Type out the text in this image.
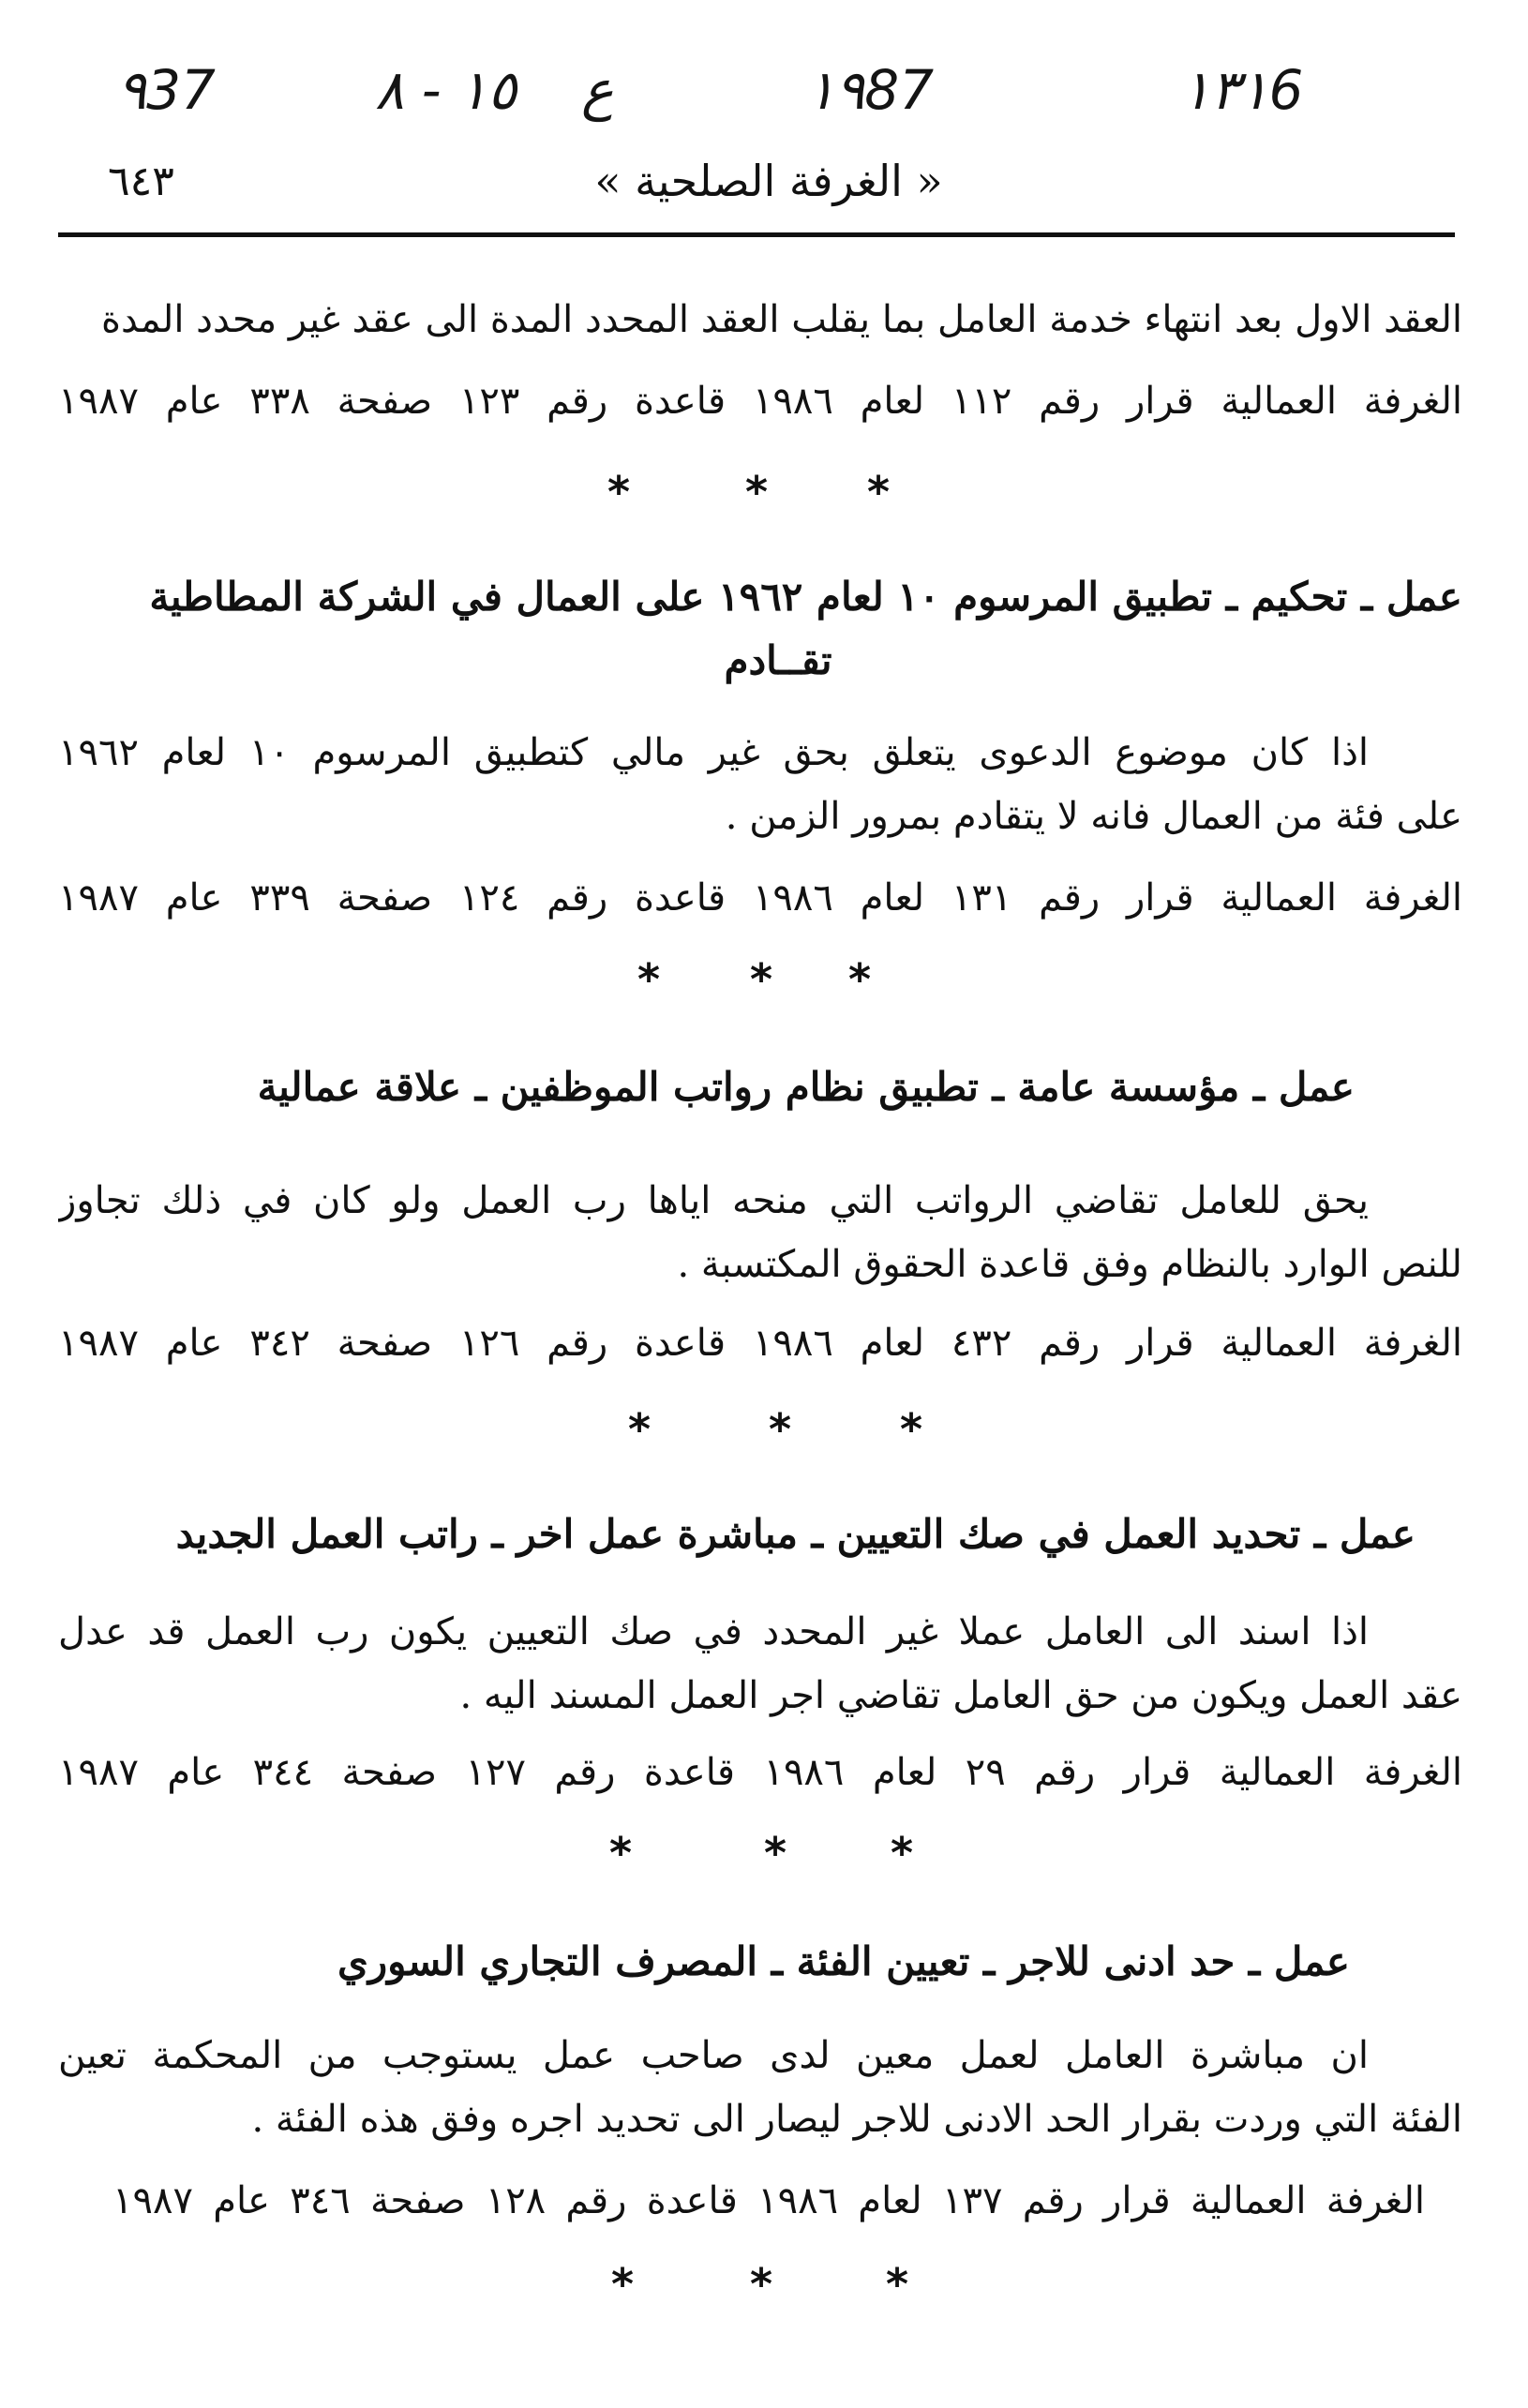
٩37	١٥ - ٨ ع	١٩87	١٣١6
٦٤٣	« الغرفة الصلحية »
العقد الاول بعد انتهاء خدمة العامل بما يقلب العقد المحدد المدة الى عقد غير محدد المدة
الغرفة العمالية قرار رقم ١١٢ لعام ١٩٨٦ قاعدة رقم ١٢٣ صفحة ٣٣٨ عام ١٩٨٧
*	* *
عمل ـ تحكيم ـ تطبيق المرسوم ١٠ لعام ١٩٦٢ على العمال في الشركة المطاطية
تقــادم
اذا كان موضوع الدعوى يتعلق بحق غير مالي كتطبيق المرسوم ١٠ لعام ١٩٦٢
على فئة من العمال فانه لا يتقادم بمرور الزمن .
الغرفة العمالية قرار رقم ١٣١ لعام ١٩٨٦ قاعدة رقم ١٢٤ صفحة ٣٣٩ عام ١٩٨٧
* * *
عمل ـ مؤسسة عامة ـ تطبيق نظام رواتب الموظفين ـ علاقة عمالية
يحق للعامل تقاضي الرواتب التي منحه اياها رب العمل ولو كان في ذلك تجاوز
للنص الوارد بالنظام وفق قاعدة الحقوق المكتسبة .
الغرفة العمالية قرار رقم ٤٣٢ لعام ١٩٨٦ قاعدة رقم ١٢٦ صفحة ٣٤٢ عام ١٩٨٧
*	*	*
عمل ـ تحديد العمل في صك التعيين ـ مباشرة عمل اخر ـ راتب العمل الجديد
اذا اسند الى العامل عملا غير المحدد في صك التعيين يكون رب العمل قد عدل
عقد العمل ويكون من حق العامل تقاضي اجر العمل المسند اليه .
الغرفة العمالية قرار رقم ٢٩ لعام ١٩٨٦ قاعدة رقم ١٢٧ صفحة ٣٤٤ عام ١٩٨٧
*	* *
عمل ـ حد ادنى للاجر ـ تعيين الفئة ـ المصرف التجاري السوري
ان مباشرة العامل لعمل معين لدى صاحب عمل يستوجب من المحكمة تعين
الفئة التي وردت بقرار الحد الادنى للاجر ليصار الى تحديد اجره وفق هذه الفئة .
الغرفة العمالية قرار رقم ١٣٧ لعام ١٩٨٦ قاعدة رقم ١٢٨ صفحة ٣٤٦ عام ١٩٨٧
*	*	*
